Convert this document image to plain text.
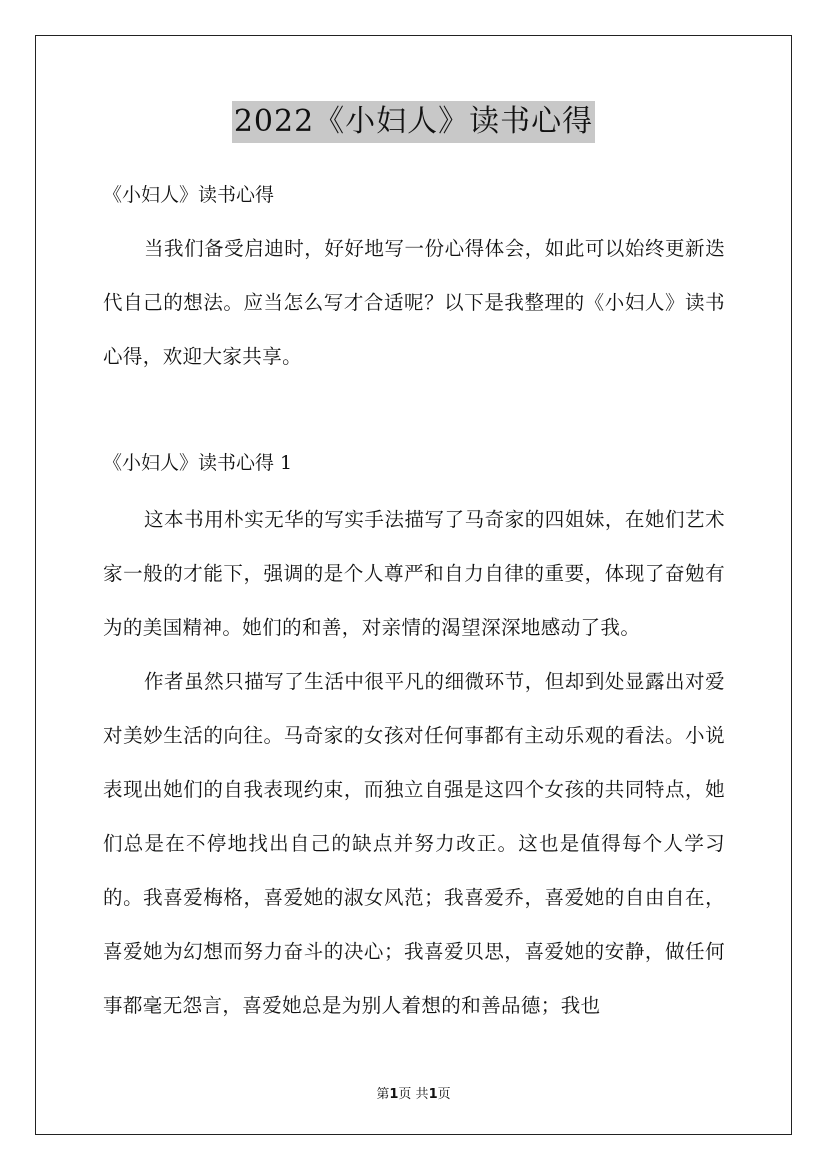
2022《小妇人》读书心得
《小妇人》读书心得
当我们备受启迪时，好好地写一份心得体会，如此可以始终更新迭代自己的想法。应当怎么写才合适呢？以下是我整理的《小妇人》读书心得，欢迎大家共享。
《小妇人》读书心得 1
这本书用朴实无华的写实手法描写了马奇家的四姐妹，在她们艺术家一般的才能下，强调的是个人尊严和自力自律的重要，体现了奋勉有为的美国精神。她们的和善，对亲情的渴望深深地感动了我。
作者虽然只描写了生活中很平凡的细微环节，但却到处显露出对爱对美妙生活的向往。马奇家的女孩对任何事都有主动乐观的看法。小说表现出她们的自我表现约束，而独立自强是这四个女孩的共同特点，她们总是在不停地找出自己的缺点并努力改正。这也是值得每个人学习的。我喜爱梅格，喜爱她的淑女风范；我喜爱乔，喜爱她的自由自在，喜爱她为幻想而努力奋斗的决心；我喜爱贝思，喜爱她的安静，做任何事都毫无怨言，喜爱她总是为别人着想的和善品德；我也
第1页 共1页
